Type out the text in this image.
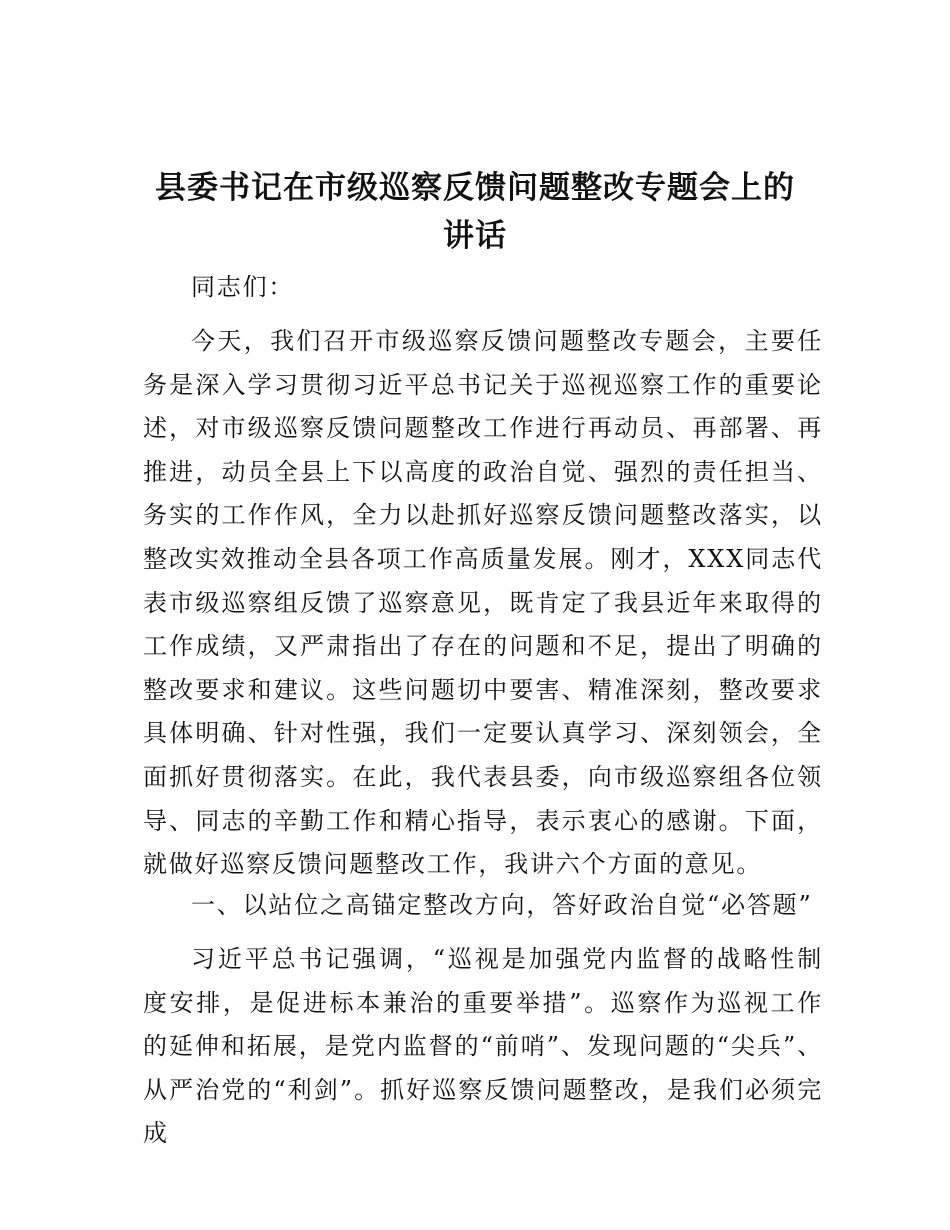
县委书记在市级巡察反馈问题整改专题会上的讲话

同志们：

今天，我们召开市级巡察反馈问题整改专题会，主要任务是深入学习贯彻习近平总书记关于巡视巡察工作的重要论述，对市级巡察反馈问题整改工作进行再动员、再部署、再推进，动员全县上下以高度的政治自觉、强烈的责任担当、务实的工作作风，全力以赴抓好巡察反馈问题整改落实，以整改实效推动全县各项工作高质量发展。刚才，XXX同志代表市级巡察组反馈了巡察意见，既肯定了我县近年来取得的工作成绩，又严肃指出了存在的问题和不足，提出了明确的整改要求和建议。这些问题切中要害、精准深刻，整改要求具体明确、针对性强，我们一定要认真学习、深刻领会，全面抓好贯彻落实。在此，我代表县委，向市级巡察组各位领导、同志的辛勤工作和精心指导，表示衷心的感谢。下面，就做好巡察反馈问题整改工作，我讲六个方面的意见。

一、以站位之高锚定整改方向，答好政治自觉“必答题”

习近平总书记强调，“巡视是加强党内监督的战略性制度安排，是促进标本兼治的重要举措”。巡察作为巡视工作的延伸和拓展，是党内监督的“前哨”、发现问题的“尖兵”、从严治党的“利剑”。抓好巡察反馈问题整改，是我们必须完成
